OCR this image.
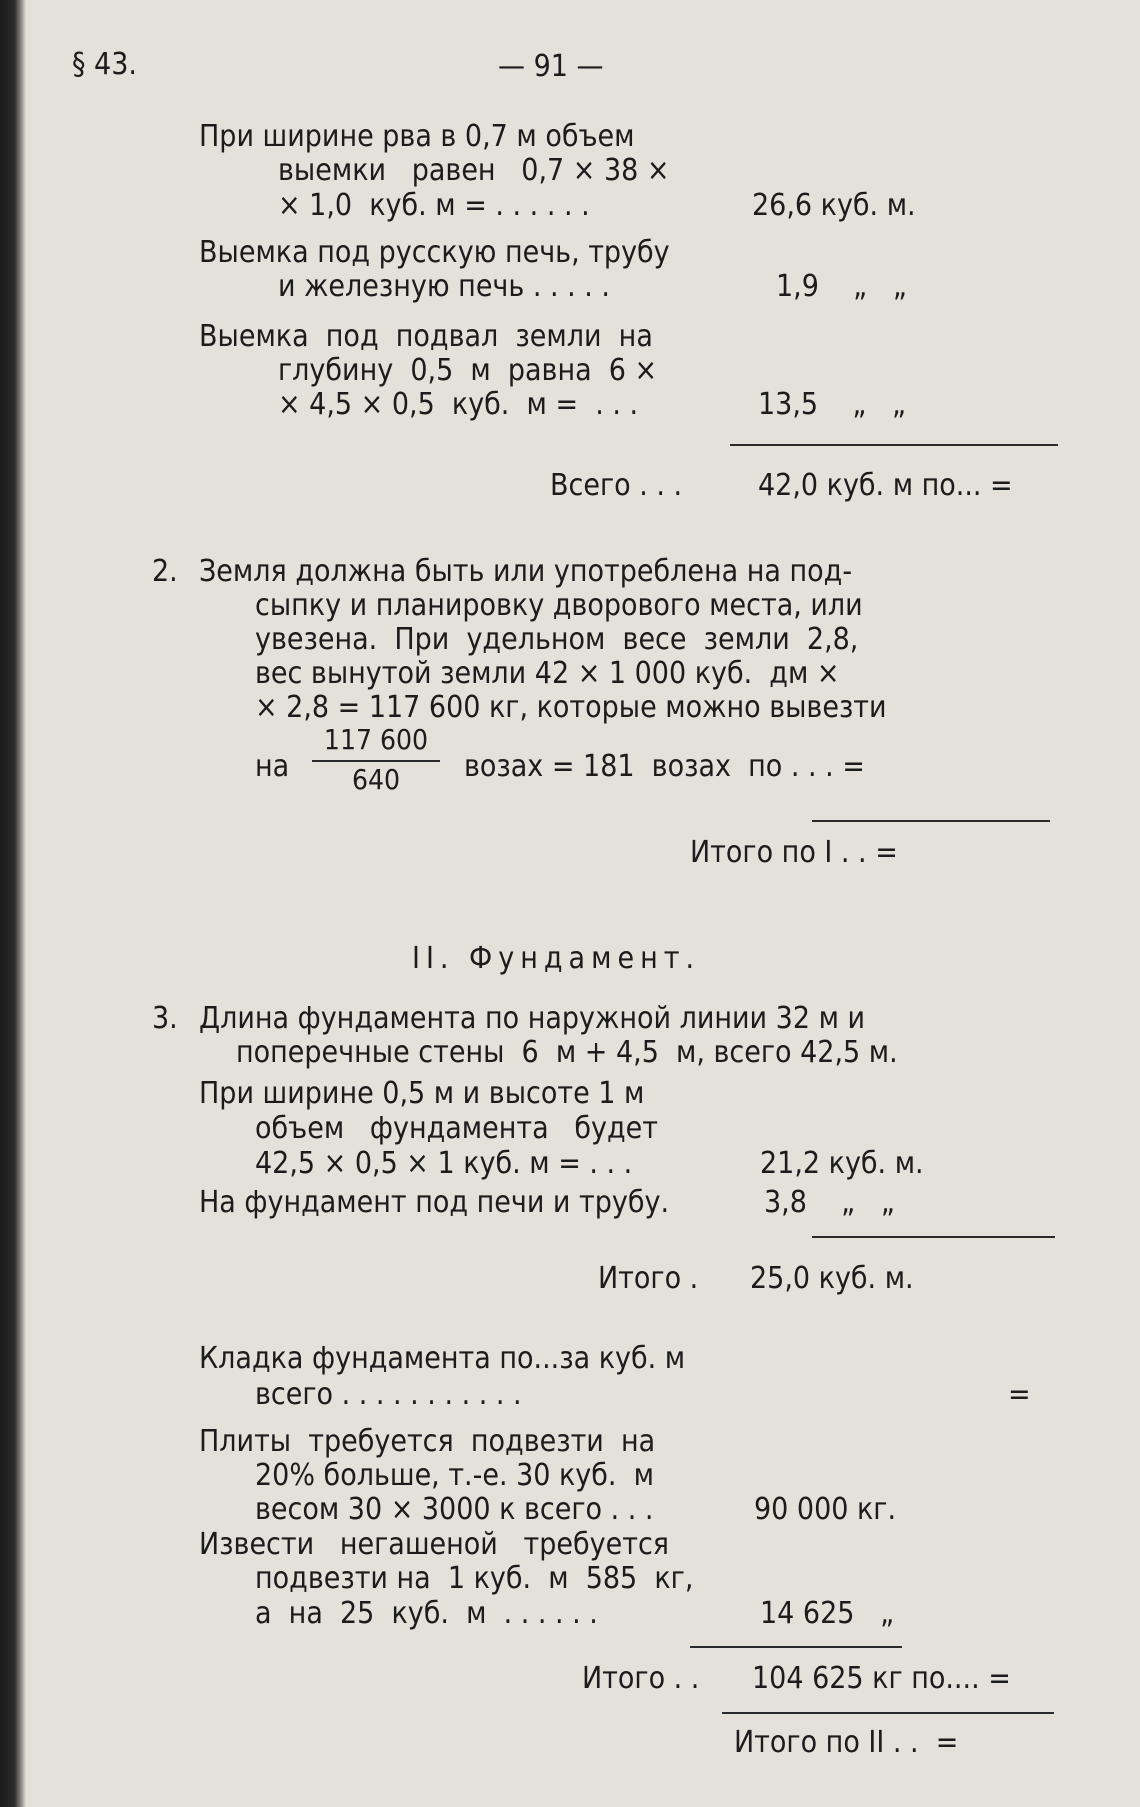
§ 43.	— 91 —
При ширине рва в 0,7 м объем
выемки   равен   0,7 × 38 ×
× 1,0  куб. м = . . . . . .	26,6 куб. м.
Выемка под русскую печь, трубу
и железную печь . . . . .	1,9    „   „
Выемка  под  подвал  земли  на
глубину  0,5  м  равна  6 ×
× 4,5 × 0,5  куб.  м =  . . .	13,5    „   „
Всего . . .	42,0 куб. м по... =
2. Земля должна быть или употреблена на под-
сыпку и планировку дворового места, или
увезена.  При  удельном  весе  земли  2,8,
вес вынутой земли 42 × 1 000 куб.  дм ×
× 2,8 = 117 600 кг, которые можно вывезти
на
117 600
640	возах = 181  возах  по . . . =
Итого по I . . =
II. Фундамент.
3. Длина фундамента по наружной линии 32 м и
поперечные стены  6  м + 4,5  м, всего 42,5 м.
При ширине 0,5 м и высоте 1 м
объем   фундамента   будет
42,5 × 0,5 × 1 куб. м = . . .	21,2 куб. м.
На фундамент под печи и трубу.	3,8    „   „
Итого . 25,0 куб. м.
Кладка фундамента по...за куб. м
всего . . . . . . . . . . .	=
Плиты  требуется  подвезти  на
20% больше, т.-е. 30 куб.  м
весом 30 × 3000 к всего . . .	90 000 кг.
Извести   негашеной   требуется
подвезти на  1 куб.  м  585  кг,
а  на  25  куб.  м  . . . . . .	14 625   „
Итого . . 104 625 кг по.... =
Итого по II . .  =
